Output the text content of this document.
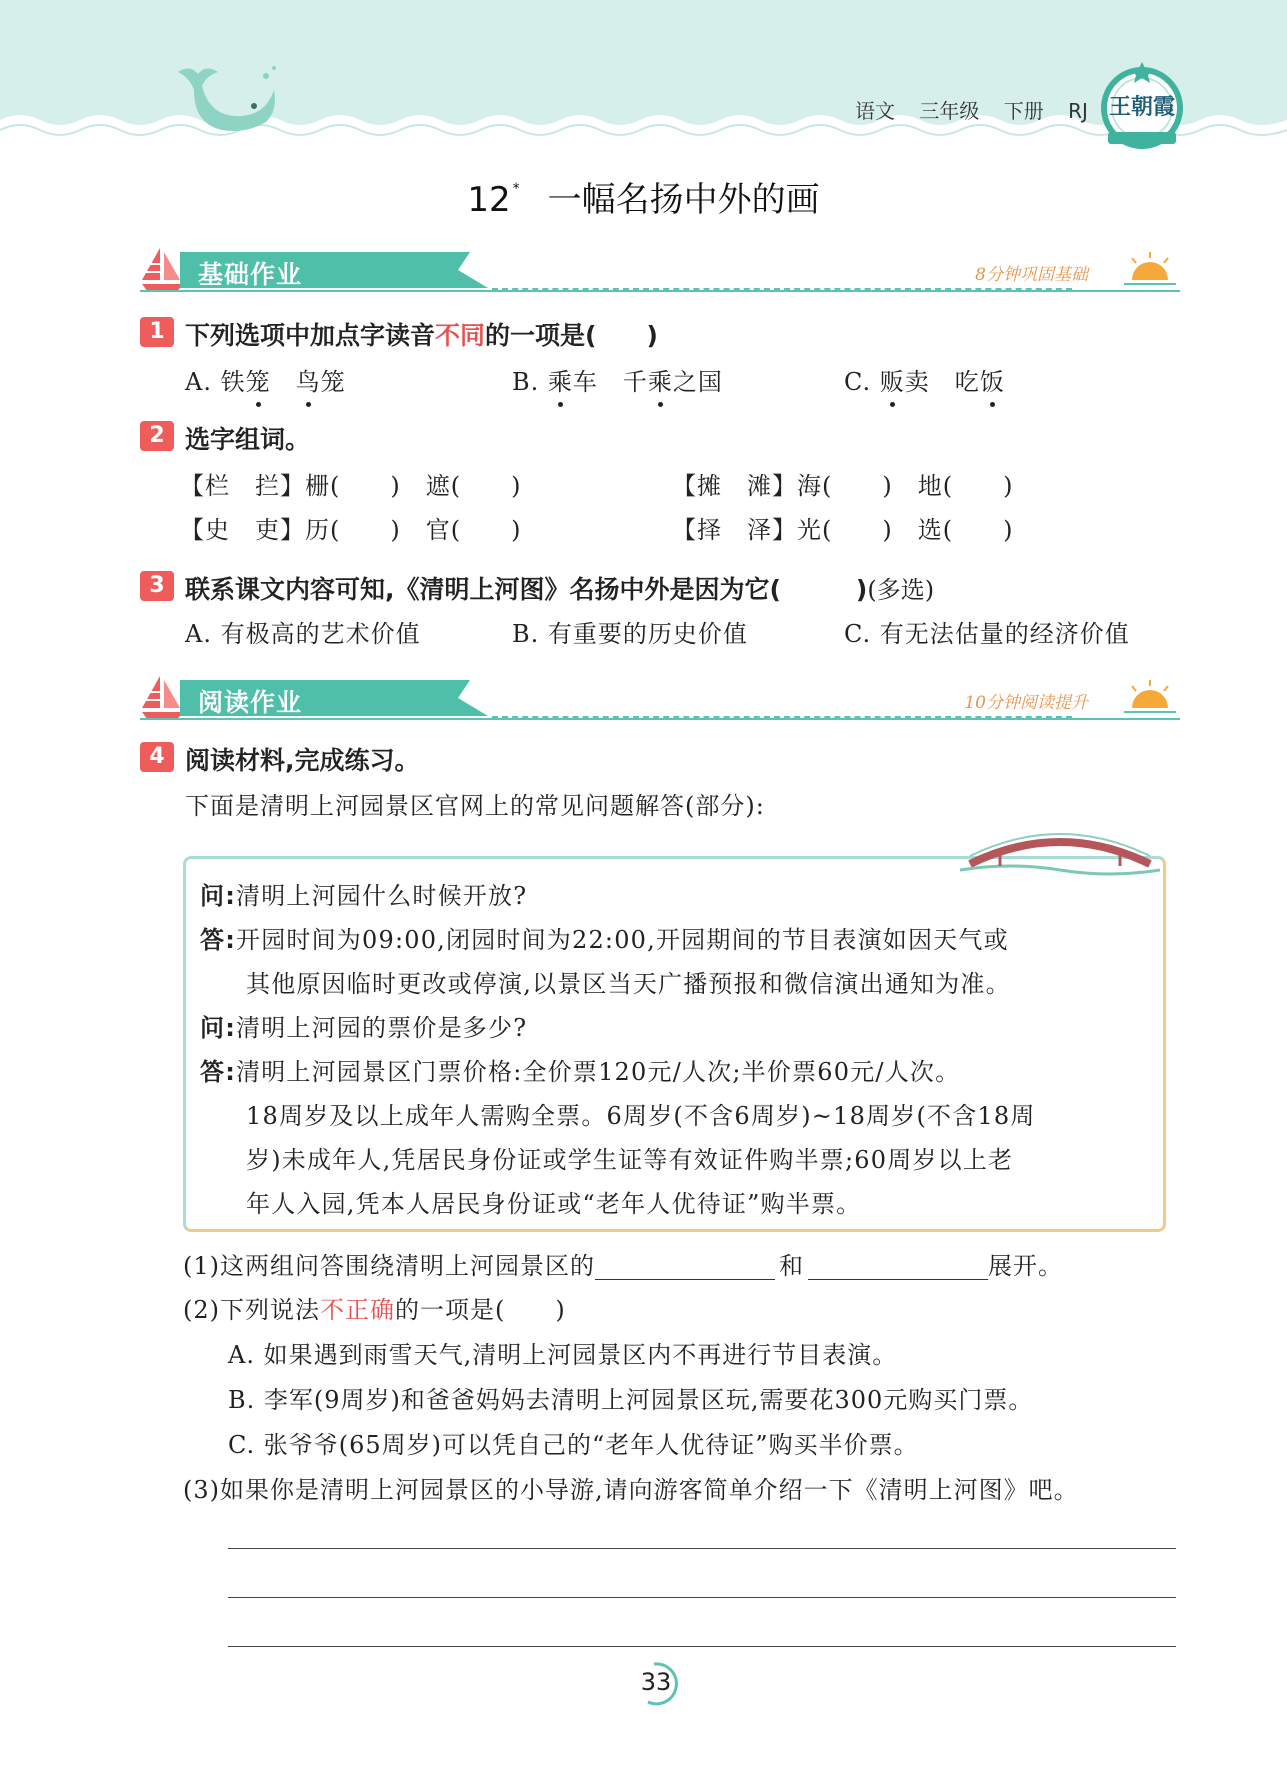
语文 三年级 下册 RJ 王朝霞
12 * 一幅名扬中外的画
基础作业	8分钟巩固基础
1 下列选项中加点字读音不同的一项是(　　)
A. 铁笼　 鸟笼	B. 乘车　 千乘之国	C. 贩卖　 吃饭
2 选字组词。
【栏　拦】栅(　　)　遮(　　)	【摊　滩】海(　　)　地(　　)
【史　吏】历(　　)　官(　　)	【择　泽】光(　　)　选(　　)
3 联系课文内容可知,《清明上河图》名扬中外是因为它(　　　)(多选)
A. 有极高的艺术价值	B. 有重要的历史价值	C. 有无法估量的经济价值
阅读作业	10分钟阅读提升
4 阅读材料,完成练习。
下面是清明上河园景区官网上的常见问题解答(部分):
问:清明上河园什么时候开放?
答:开园时间为09:00,闭园时间为22:00,开园期间的节目表演如因天气或
其他原因临时更改或停演,以景区当天广播预报和微信演出通知为准。
问:清明上河园的票价是多少?
答:清明上河园景区门票价格:全价票120元/人次;半价票60元/人次。
18周岁及以上成年人需购全票。6周岁(不含6周岁)~18周岁(不含18周
岁)未成年人,凭居民身份证或学生证等有效证件购半票;60周岁以上老
年人入园,凭本人居民身份证或“老年人优待证”购半票。
(1)这两组问答围绕清明上河园景区的	和	展开。
(2)下列说法不正确的一项是(　　)
A. 如果遇到雨雪天气,清明上河园景区内不再进行节目表演。
B. 李军(9周岁)和爸爸妈妈去清明上河园景区玩,需要花300元购买门票。
C. 张爷爷(65周岁)可以凭自己的“老年人优待证”购买半价票。
(3)如果你是清明上河园景区的小导游,请向游客简单介绍一下《清明上河图》吧。
33
